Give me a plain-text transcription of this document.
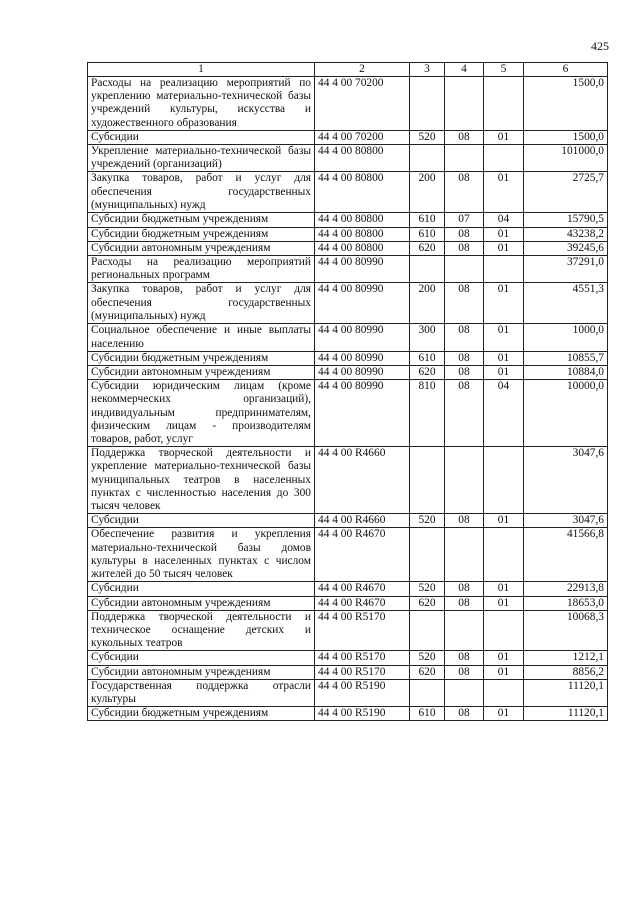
425
1	2	3	4	5	6
Расходы на реализацию мероприятий по укреплению материально-технической базы учреждений культуры, искусства и художественного образования	44 4 00 70200				1500,0
Субсидии	44 4 00 70200	520	08	01	1500,0
Укрепление материально-технической базы учреждений (организаций)	44 4 00 80800				101000,0
Закупка товаров, работ и услуг для обеспечения государственных (муниципальных) нужд	44 4 00 80800	200	08	01	2725,7
Субсидии бюджетным учреждениям	44 4 00 80800	610	07	04	15790,5
Субсидии бюджетным учреждениям	44 4 00 80800	610	08	01	43238,2
Субсидии автономным учреждениям	44 4 00 80800	620	08	01	39245,6
Расходы на реализацию мероприятий региональных программ	44 4 00 80990				37291,0
Закупка товаров, работ и услуг для обеспечения государственных (муниципальных) нужд	44 4 00 80990	200	08	01	4551,3
Социальное обеспечение и иные выплаты населению	44 4 00 80990	300	08	01	1000,0
Субсидии бюджетным учреждениям	44 4 00 80990	610	08	01	10855,7
Субсидии автономным учреждениям	44 4 00 80990	620	08	01	10884,0
Субсидии юридическим лицам (кроме некоммерческих организаций), индивидуальным предпринимателям, физическим лицам - производителям товаров, работ, услуг	44 4 00 80990	810	08	04	10000,0
Поддержка творческой деятельности и укрепление материально-технической базы муниципальных театров в населенных пунктах с численностью населения до 300 тысяч человек	44 4 00 R4660				3047,6
Субсидии	44 4 00 R4660	520	08	01	3047,6
Обеспечение развития и укрепления материально-технической базы домов культуры в населенных пунктах с числом жителей до 50 тысяч человек	44 4 00 R4670				41566,8
Субсидии	44 4 00 R4670	520	08	01	22913,8
Субсидии автономным учреждениям	44 4 00 R4670	620	08	01	18653,0
Поддержка творческой деятельности и техническое оснащение детских и кукольных театров	44 4 00 R5170				10068,3
Субсидии	44 4 00 R5170	520	08	01	1212,1
Субсидии автономным учреждениям	44 4 00 R5170	620	08	01	8856,2
Государственная поддержка отрасли культуры	44 4 00 R5190				11120,1
Субсидии бюджетным учреждениям	44 4 00 R5190	610	08	01	11120,1
